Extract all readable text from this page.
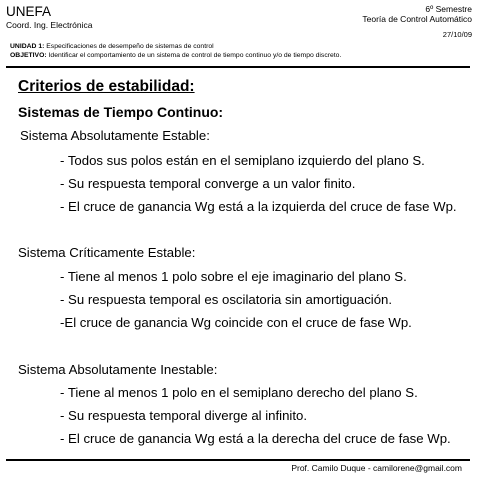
UNEFA
Coord. Ing. Electrónica
6º Semestre
Teoría de Control Automático
27/10/09
UNIDAD 1: Especificaciones de desempeño de sistemas de control
OBJETIVO: Identificar el comportamiento de un sistema de control de tiempo continuo y/o de tiempo discreto.
Criterios de estabilidad:
Sistemas de Tiempo Continuo:
Sistema Absolutamente Estable:
- Todos sus polos están en el semiplano izquierdo del plano S.
- Su respuesta temporal converge a un valor finito.
- El cruce de ganancia Wg está a la izquierda del cruce de fase Wp.
Sistema Críticamente Estable:
- Tiene al menos 1 polo sobre el eje imaginario del plano S.
- Su respuesta temporal es oscilatoria sin amortiguación.
-El cruce de ganancia Wg coincide con el cruce de fase Wp.
Sistema Absolutamente Inestable:
- Tiene al menos 1 polo en el semiplano derecho del plano S.
- Su respuesta temporal diverge al infinito.
- El cruce de ganancia Wg está a la derecha del cruce de fase Wp.
Prof. Camilo Duque - camilorene@gmail.com
